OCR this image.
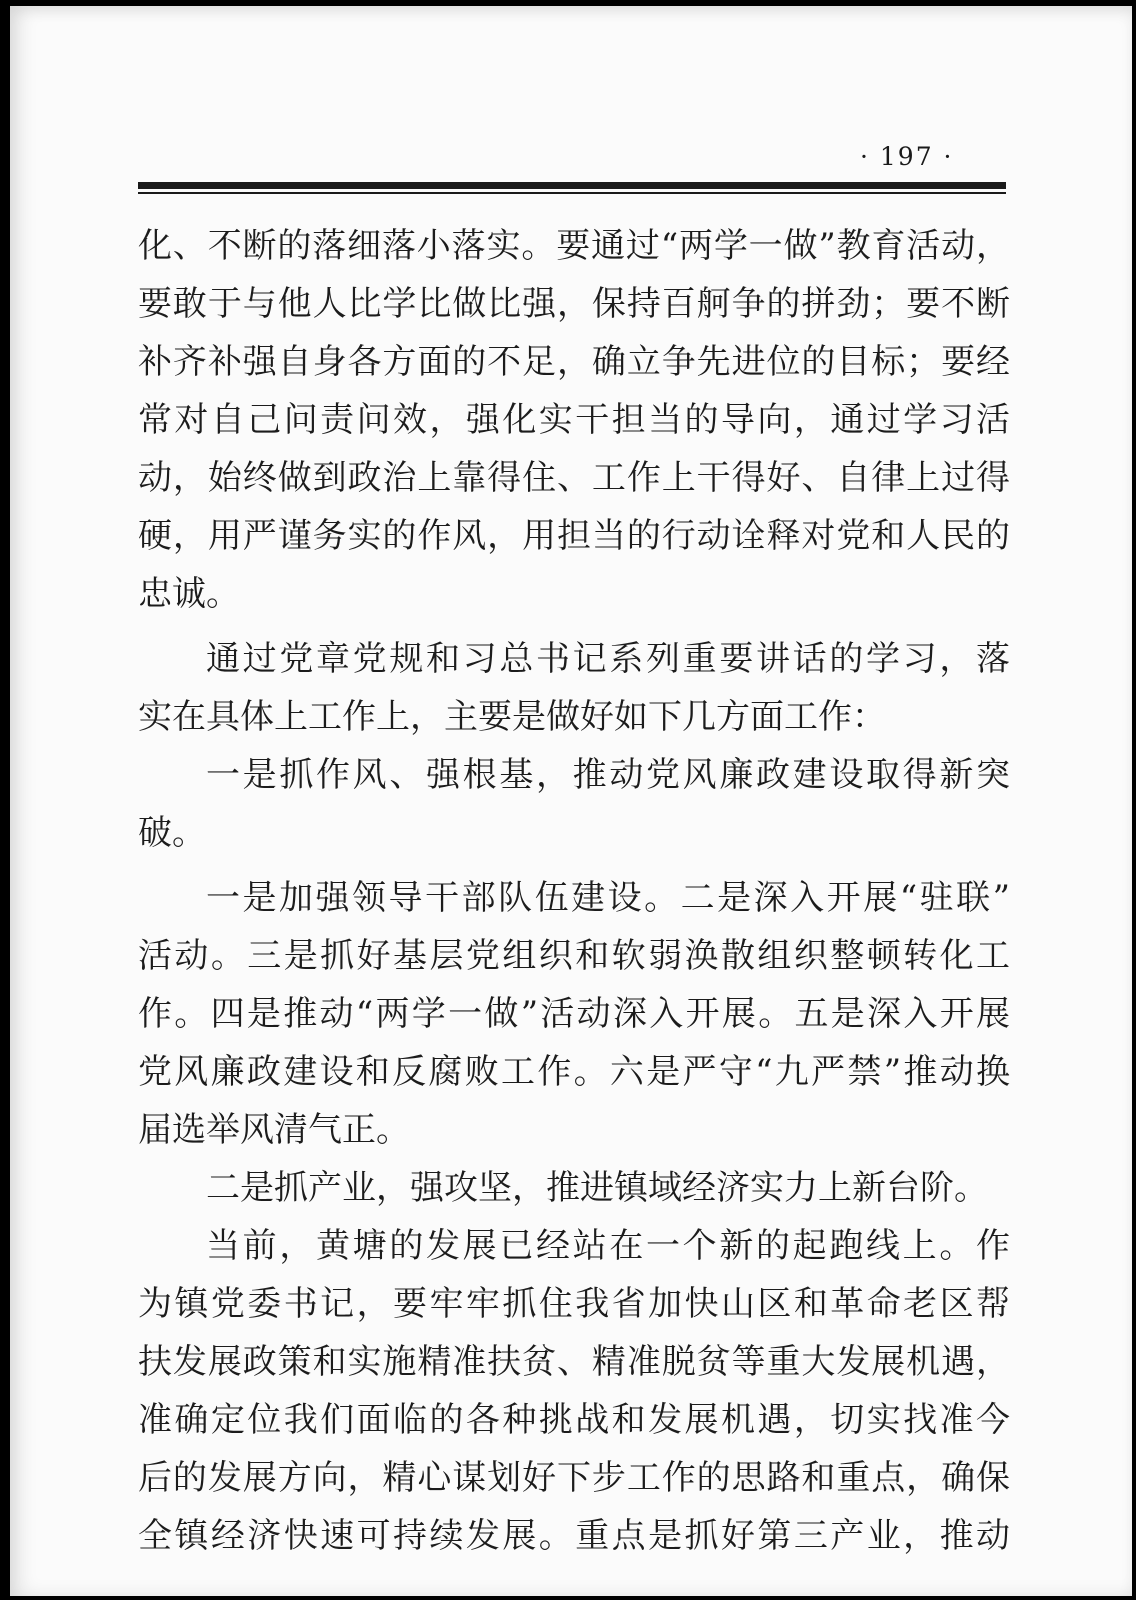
· 197 ·
化、不断的落细落小落实。要通过“两学一做”教育活动，
要敢于与他人比学比做比强，保持百舸争的拼劲；要不断
补齐补强自身各方面的不足，确立争先进位的目标；要经
常对自己问责问效，强化实干担当的导向，通过学习活
动，始终做到政治上靠得住、工作上干得好、自律上过得
硬，用严谨务实的作风，用担当的行动诠释对党和人民的
忠诚。
通过党章党规和习总书记系列重要讲话的学习，落
实在具体上工作上，主要是做好如下几方面工作：
一是抓作风、强根基，推动党风廉政建设取得新突
破。
一是加强领导干部队伍建设。二是深入开展“驻联”
活动。三是抓好基层党组织和软弱涣散组织整顿转化工
作。四是推动“两学一做”活动深入开展。五是深入开展
党风廉政建设和反腐败工作。六是严守“九严禁”推动换
届选举风清气正。
二是抓产业，强攻坚，推进镇域经济实力上新台阶。
当前，黄塘的发展已经站在一个新的起跑线上。作
为镇党委书记，要牢牢抓住我省加快山区和革命老区帮
扶发展政策和实施精准扶贫、精准脱贫等重大发展机遇，
准确定位我们面临的各种挑战和发展机遇，切实找准今
后的发展方向，精心谋划好下步工作的思路和重点，确保
全镇经济快速可持续发展。重点是抓好第三产业，推动
